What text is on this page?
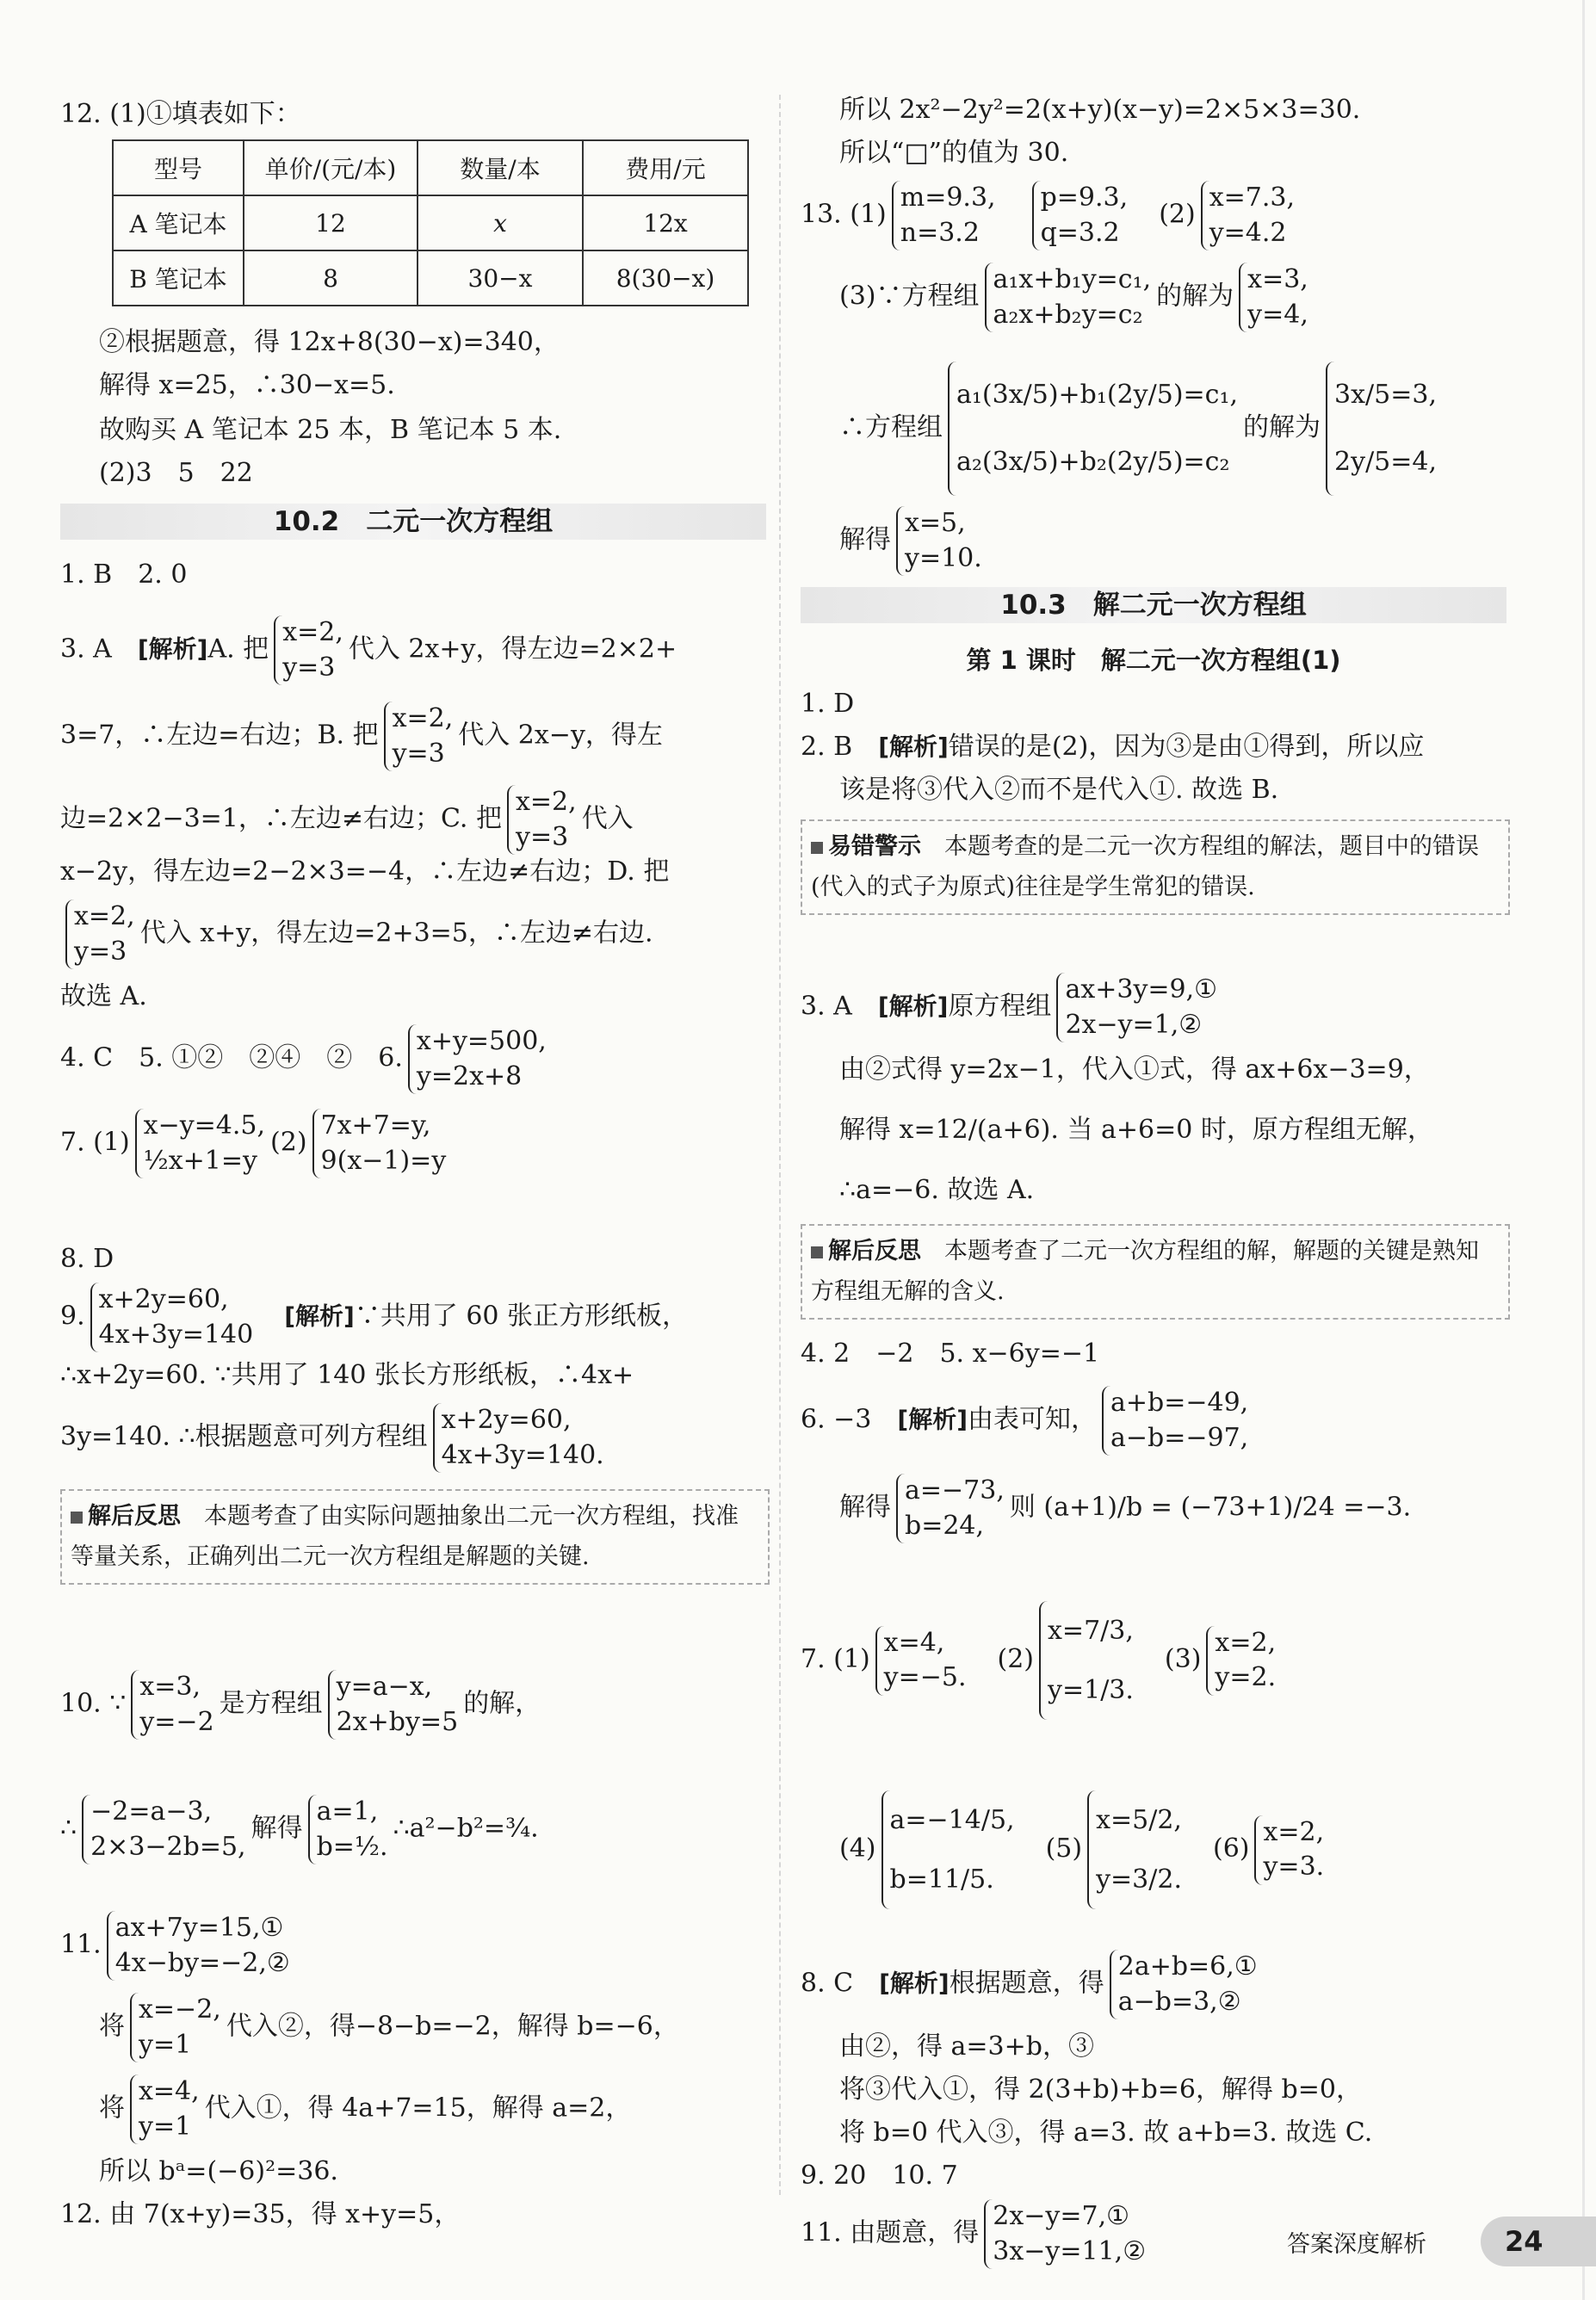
12. (1)①填表如下：
型号	单价/(元/本)	数量/本	费用/元
A 笔记本	12	x	12x
B 笔记本	8	30−x	8(30−x)
②根据题意，得 12x+8(30−x)=340，
解得 x=25，∴30−x=5.
故购买 A 笔记本 25 本，B 笔记本 5 本.
(2)3　5　22
10.2　二元一次方程组
1. B　2. 0
3. A　[解析]A. 把
x=2,
y=3
代入 2x+y，得左边=2×2+
3=7，∴左边=右边；B. 把
x=2,
y=3
代入 2x−y，得左
边=2×2−3=1，∴左边≠右边；C. 把
x=2,
y=3
代入
x−2y，得左边=2−2×3=−4，∴左边≠右边；D. 把
x=2,
y=3
代入 x+y，得左边=2+3=5，∴左边≠右边.
故选 A.
4. C　5. ①②　②④　②　6.
x+y=500,
y=2x+8
7. (1)
x−y=4.5,
½x+1=y
(2)
7x+7=y,
9(x−1)=y
8. D
9.
x+2y=60,
4x+3y=140
　[解析]∵共用了 60 张正方形纸板，
∴x+2y=60. ∵共用了 140 张长方形纸板，∴4x+
3y=140. ∴根据题意可列方程组
x+2y=60,
4x+3y=140.
解后反思　 本题考查了由实际问题抽象出二元一次方程组，找准等量关系，正确列出二元一次方程组是解题的关键.
10. ∵
x=3,
y=−2
是方程组
y=a−x,
2x+by=5
的解，
∴
−2=a−3,
2×3−2b=5,
解得
a=1,
b=½.
∴a²−b²=¾.
11.
ax+7y=15,①
4x−by=−2,②
将
x=−2,
y=1
代入②，得−8−b=−2，解得 b=−6，
将
x=4,
y=1
代入①，得 4a+7=15，解得 a=2，
所以 bᵃ=(−6)²=36.
12. 由 7(x+y)=35，得 x+y=5，
所以 2x²−2y²=2(x+y)(x−y)=2×5×3=30.
所以“□”的值为 30.
13. (1)
m=9.3,
n=3.2

p=9.3,
q=3.2
　(2)
x=7.3,
y=4.2
(3)∵方程组
a₁x+b₁y=c₁,
a₂x+b₂y=c₂
的解为
x=3,
y=4,
∴方程组
a₁(3x/5)+b₁(2y/5)=c₁,
a₂(3x/5)+b₂(2y/5)=c₂
的解为
3x/5=3,
2y/5=4,
解得
x=5,
y=10.
10.3　解二元一次方程组
第 1 课时　解二元一次方程组(1)
1. D
2. B　[解析]错误的是(2)，因为③是由①得到，所以应
该是将③代入②而不是代入①. 故选 B.
易错警示　 本题考查的是二元一次方程组的解法，题目中的错误(代入的式子为原式)往往是学生常犯的错误.
3. A　[解析]原方程组
ax+3y=9,①
2x−y=1,②
由②式得 y=2x−1，代入①式，得 ax+6x−3=9，
解得 x=12/(a+6). 当 a+6=0 时，原方程组无解，
∴a=−6. 故选 A.
解后反思　 本题考查了二元一次方程组的解，解题的关键是熟知方程组无解的含义.
4. 2　−2　5. x−6y=−1
6. −3　[解析]由表可知，
a+b=−49,
a−b=−97,
解得
a=−73,
b=24,
则 (a+1)/b = (−73+1)/24 =−3.
7. (1)
x=4,
y=−5.
　(2)
x=7/3,
y=1/3.
　(3)
x=2,
y=2.
(4)
a=−14/5,
b=11/5.
　(5)
x=5/2,
y=3/2.
　(6)
x=2,
y=3.
8. C　[解析]根据题意，得
2a+b=6,①
a−b=3,②
由②，得 a=3+b，③
将③代入①，得 2(3+b)+b=6，解得 b=0，
将 b=0 代入③，得 a=3. 故 a+b=3. 故选 C.
9. 20　10. 7
11. 由题意，得
2x−y=7,①
3x−y=11,②	答案深度解析	24
